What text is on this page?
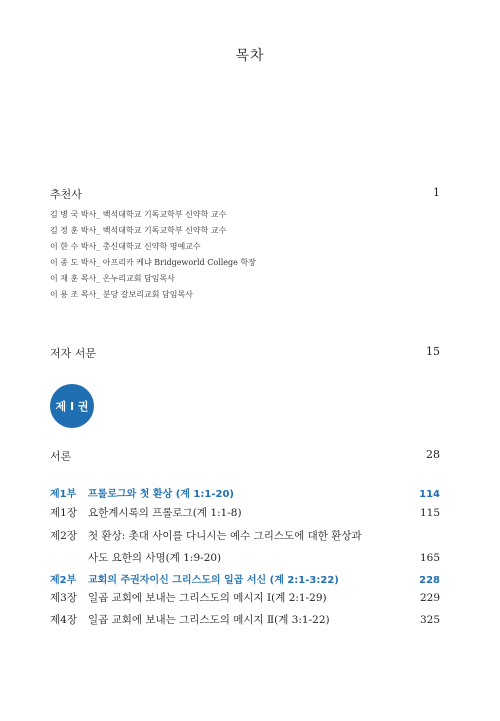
목차
추천사	1
김 병 국 박사_ 백석대학교 기독교학부 신약학 교수
김 정 훈 박사_ 백석대학교 기독교학부 신약학 교수
이 한 수 박사_ 총신대학교 신약학 명예교수
이 종 도 박사_ 아프리카 케냐 Bridgeworld College 학장
이 재 훈 목사_ 온누리교회 담임목사
이 용 조 목사_ 분당 갈보리교회 담임목사
저자 서문	15
제 I 권
서론	28
제1부 프롤로그와 첫 환상 (계 1:1-20)	114
제1장 요한계시록의 프롤로그(계 1:1-8)	115
제2장 첫 환상: 촛대 사이를 다니시는 예수 그리스도에 대한 환상과
사도 요한의 사명(계 1:9-20)	165
제2부 교회의 주권자이신 그리스도의 일곱 서신 (계 2:1-3:22)	228
제3장 일곱 교회에 보내는 그리스도의 메시지 Ⅰ(계 2:1-29)	229
제4장 일곱 교회에 보내는 그리스도의 메시지 Ⅱ(계 3:1-22)	325
